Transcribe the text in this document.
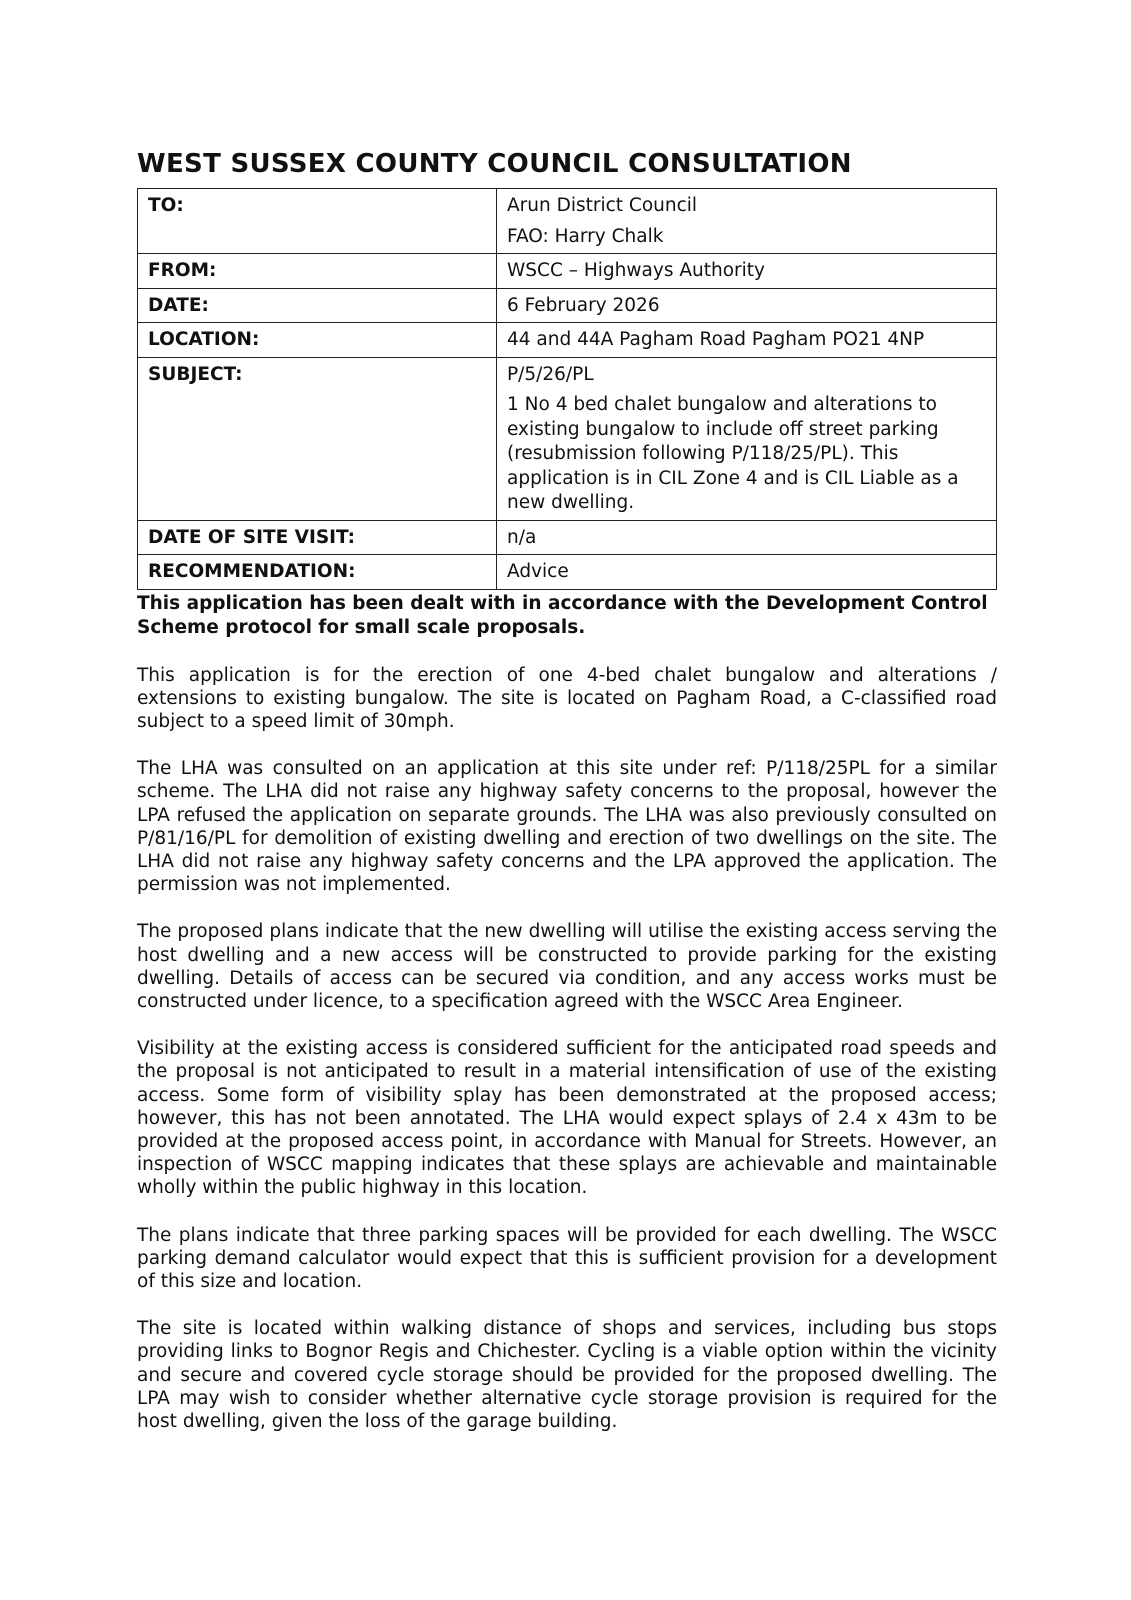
WEST SUSSEX COUNTY COUNCIL CONSULTATION
TO:	Arun District Council

FAO: Harry Chalk

FROM:	WSCC – Highways Authority
DATE:	6 February 2026
LOCATION:	44 and 44A Pagham Road Pagham PO21 4NP
SUBJECT:	P/5/26/PL

1 No 4 bed chalet bungalow and alterations to existing bungalow to include off street parking (resubmission following P/118/25/PL). This application is in CIL Zone 4 and is CIL Liable as a new dwelling.

DATE OF SITE VISIT:	n/a
RECOMMENDATION:	Advice

This application has been dealt with in accordance with the Development Control Scheme protocol for small scale proposals.

This application is for the erection of one 4-bed chalet bungalow and alterations / extensions to existing bungalow. The site is located on Pagham Road, a C-classified road subject to a speed limit of 30mph.

The LHA was consulted on an application at this site under ref: P/118/25PL for a similar scheme. The LHA did not raise any highway safety concerns to the proposal, however the LPA refused the application on separate grounds. The LHA was also previously consulted on P/81/16/PL for demolition of existing dwelling and erection of two dwellings on the site. The LHA did not raise any highway safety concerns and the LPA approved the application. The permission was not implemented.

The proposed plans indicate that the new dwelling will utilise the existing access serving the host dwelling and a new access will be constructed to provide parking for the existing dwelling. Details of access can be secured via condition, and any access works must be constructed under licence, to a specification agreed with the WSCC Area Engineer.

Visibility at the existing access is considered sufficient for the anticipated road speeds and the proposal is not anticipated to result in a material intensification of use of the existing access. Some form of visibility splay has been demonstrated at the proposed access; however, this has not been annotated. The LHA would expect splays of 2.4 x 43m to be provided at the proposed access point, in accordance with Manual for Streets. However, an inspection of WSCC mapping indicates that these splays are achievable and maintainable wholly within the public highway in this location.

The plans indicate that three parking spaces will be provided for each dwelling. The WSCC parking demand calculator would expect that this is sufficient provision for a development of this size and location.

The site is located within walking distance of shops and services, including bus stops providing links to Bognor Regis and Chichester. Cycling is a viable option within the vicinity and secure and covered cycle storage should be provided for the proposed dwelling. The LPA may wish to consider whether alternative cycle storage provision is required for the host dwelling, given the loss of the garage building.
